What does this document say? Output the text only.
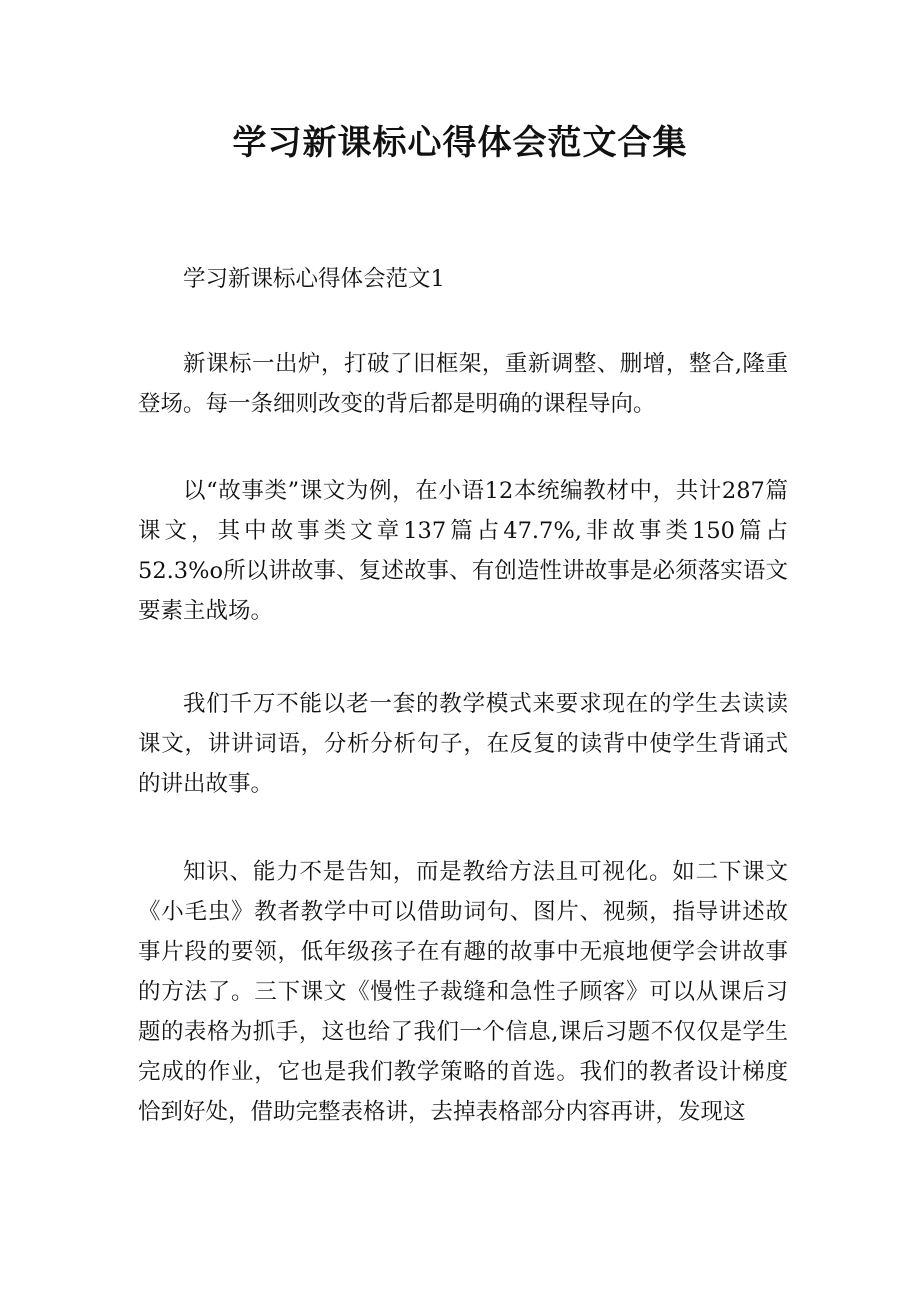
学习新课标心得体会范文合集

学习新课标心得体会范文1

新课标一出炉，打破了旧框架，重新调整、删增，整合,隆重登场。每一条细则改变的背后都是明确的课程导向。

以“故事类”课文为例，在小语12本统编教材中，共计287篇课文，其中故事类文章137篇占47.7%,非故事类150篇占52.3%o所以讲故事、复述故事、有创造性讲故事是必须落实语文要素主战场。

我们千万不能以老一套的教学模式来要求现在的学生去读读课文，讲讲词语，分析分析句子，在反复的读背中使学生背诵式的讲出故事。

知识、能力不是告知，而是教给方法且可视化。如二下课文《小毛虫》教者教学中可以借助词句、图片、视频，指导讲述故事片段的要领，低年级孩子在有趣的故事中无痕地便学会讲故事的方法了。三下课文《慢性子裁缝和急性子顾客》可以从课后习题的表格为抓手，这也给了我们一个信息,课后习题不仅仅是学生完成的作业，它也是我们教学策略的首选。我们的教者设计梯度恰到好处，借助完整表格讲，去掉表格部分内容再讲，发现这
